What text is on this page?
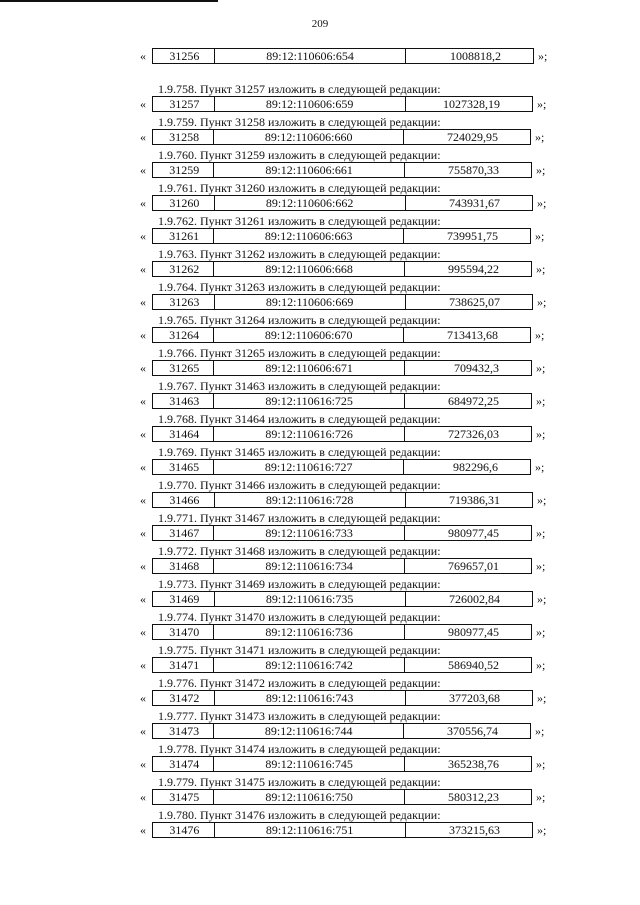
209
«	31256	89:12:110606:654	1008818,2	»;
1.9.758. Пункт 31257 изложить в следующей редакции:
«	31257	89:12:110606:659	1027328,19	»;
1.9.759. Пункт 31258 изложить в следующей редакции:
«	31258	89:12:110606:660	724029,95	»;
1.9.760. Пункт 31259 изложить в следующей редакции:
«	31259	89:12:110606:661	755870,33	»;
1.9.761. Пункт 31260 изложить в следующей редакции:
«	31260	89:12:110606:662	743931,67	»;
1.9.762. Пункт 31261 изложить в следующей редакции:
«	31261	89:12:110606:663	739951,75	»;
1.9.763. Пункт 31262 изложить в следующей редакции:
«	31262	89:12:110606:668	995594,22	»;
1.9.764. Пункт 31263 изложить в следующей редакции:
«	31263	89:12:110606:669	738625,07	»;
1.9.765. Пункт 31264 изложить в следующей редакции:
«	31264	89:12:110606:670	713413,68	»;
1.9.766. Пункт 31265 изложить в следующей редакции:
«	31265	89:12:110606:671	709432,3	»;
1.9.767. Пункт 31463 изложить в следующей редакции:
«	31463	89:12:110616:725	684972,25	»;
1.9.768. Пункт 31464 изложить в следующей редакции:
«	31464	89:12:110616:726	727326,03	»;
1.9.769. Пункт 31465 изложить в следующей редакции:
«	31465	89:12:110616:727	982296,6	»;
1.9.770. Пункт 31466 изложить в следующей редакции:
«	31466	89:12:110616:728	719386,31	»;
1.9.771. Пункт 31467 изложить в следующей редакции:
«	31467	89:12:110616:733	980977,45	»;
1.9.772. Пункт 31468 изложить в следующей редакции:
«	31468	89:12:110616:734	769657,01	»;
1.9.773. Пункт 31469 изложить в следующей редакции:
«	31469	89:12:110616:735	726002,84	»;
1.9.774. Пункт 31470 изложить в следующей редакции:
«	31470	89:12:110616:736	980977,45	»;
1.9.775. Пункт 31471 изложить в следующей редакции:
«	31471	89:12:110616:742	586940,52	»;
1.9.776. Пункт 31472 изложить в следующей редакции:
«	31472	89:12:110616:743	377203,68	»;
1.9.777. Пункт 31473 изложить в следующей редакции:
«	31473	89:12:110616:744	370556,74	»;
1.9.778. Пункт 31474 изложить в следующей редакции:
«	31474	89:12:110616:745	365238,76	»;
1.9.779. Пункт 31475 изложить в следующей редакции:
«	31475	89:12:110616:750	580312,23	»;
1.9.780. Пункт 31476 изложить в следующей редакции:
«	31476	89:12:110616:751	373215,63	»;
